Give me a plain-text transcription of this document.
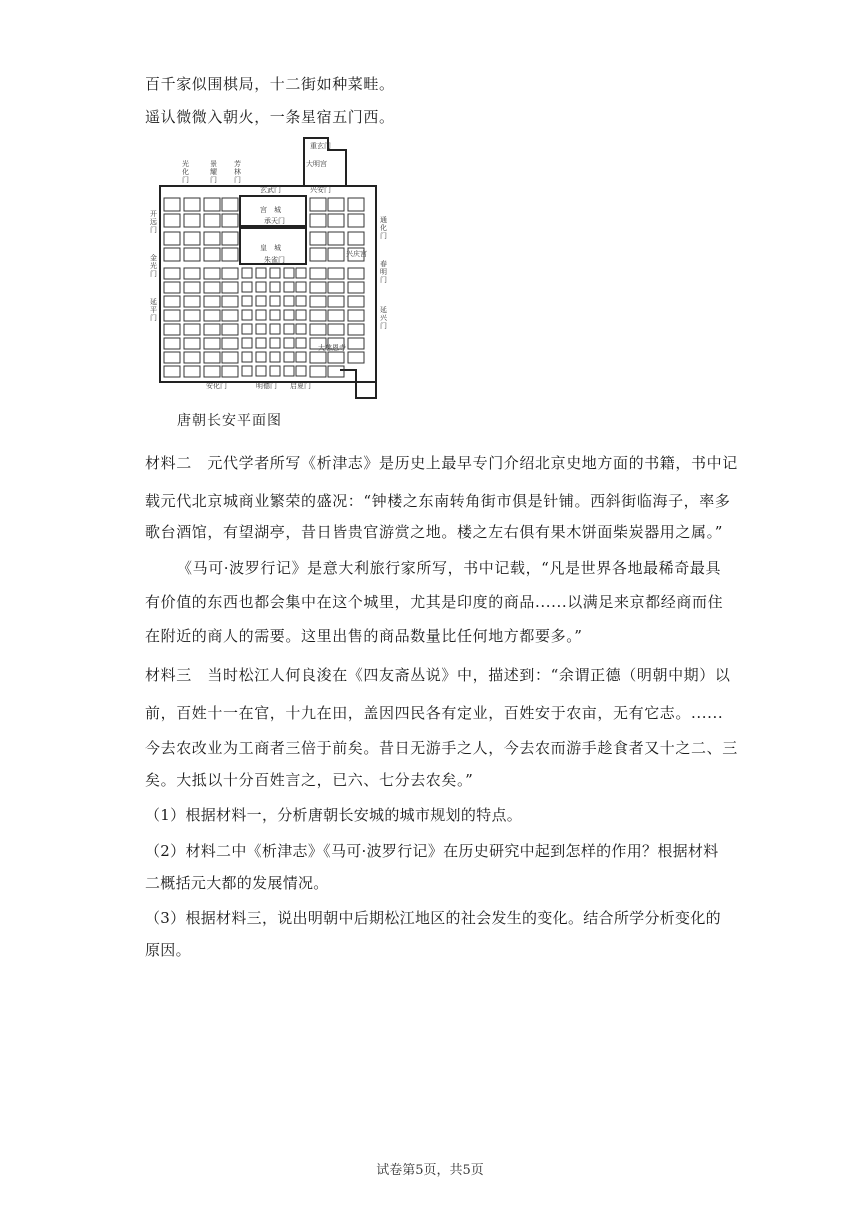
百千家似围棋局，十二街如种菜畦。
遥认微微入朝火，一条星宿五门西。
重玄门
大明宫
玄武门	兴安门
宫　城
承天门
皇　城
朱雀门
兴庆宫
大慈恩寺
安化门	明德门 启夏门
光化门
景耀门
芳林门
开远门
金光门
延平门
通化门
春明门
延兴门
唐朝长安平面图
材料二　元代学者所写《析津志》是历史上最早专门介绍北京史地方面的书籍，书中记
载元代北京城商业繁荣的盛况：“钟楼之东南转角街市俱是针铺。西斜街临海子，率多
歌台酒馆，有望湖亭，昔日皆贵官游赏之地。楼之左右俱有果木饼面柴炭器用之属。”
《马可·波罗行记》是意大利旅行家所写，书中记载，“凡是世界各地最稀奇最具
有价值的东西也都会集中在这个城里，尤其是印度的商品......以满足来京都经商而住
在附近的商人的需要。这里出售的商品数量比任何地方都要多。”
材料三　当时松江人何良浚在《四友斋丛说》中，描述到：“余谓正德（明朝中期）以
前，百姓十一在官，十九在田，盖因四民各有定业，百姓安于农亩，无有它志。......
今去农改业为工商者三倍于前矣。昔日无游手之人，今去农而游手趁食者又十之二、三
矣。大抵以十分百姓言之，已六、七分去农矣。”
（1）根据材料一，分析唐朝长安城的城市规划的特点。
（2）材料二中《析津志》《马可·波罗行记》在历史研究中起到怎样的作用？根据材料
二概括元大都的发展情况。
（3）根据材料三，说出明朝中后期松江地区的社会发生的变化。结合所学分析变化的
原因。
试卷第5页，共5页
